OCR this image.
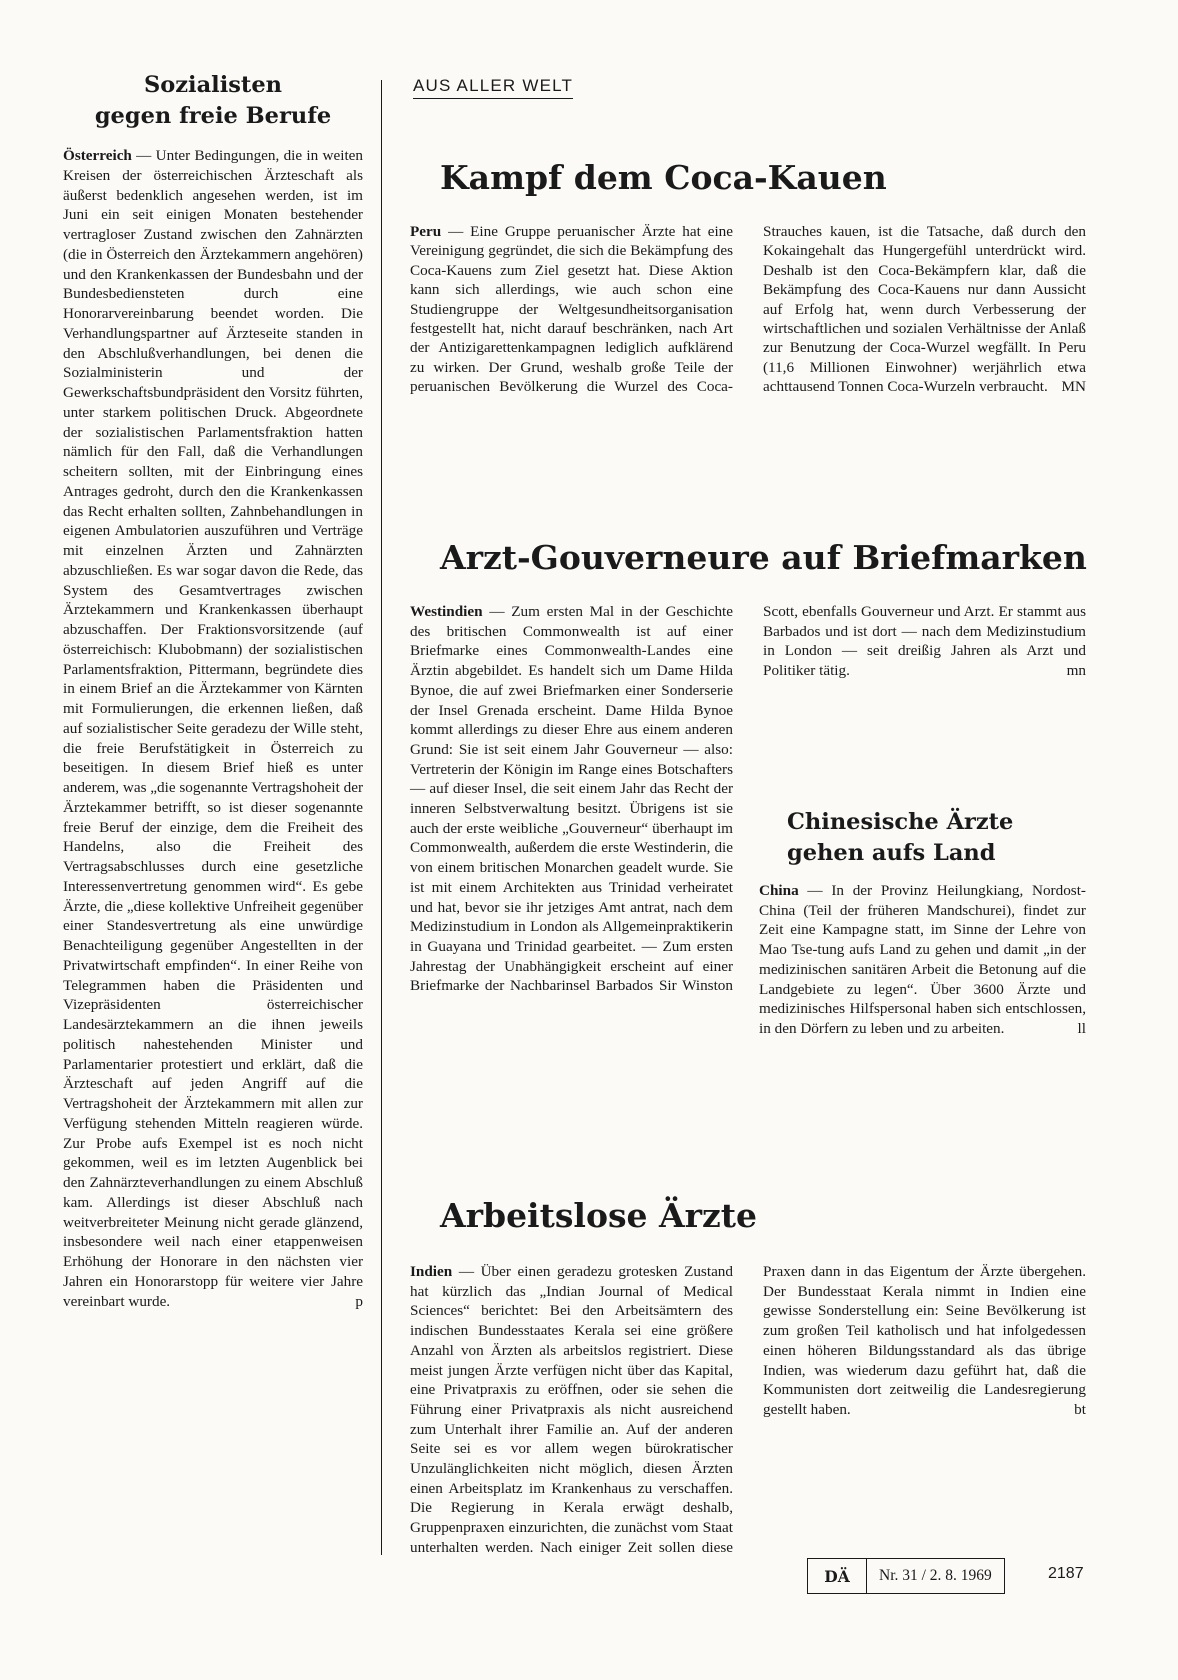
Sozialisten
gegen freie Berufe

Österreich — Unter Bedingungen, die in weiten Kreisen der österreichischen Ärzteschaft als äußerst bedenklich angesehen werden, ist im Juni ein seit einigen Monaten bestehender vertragloser Zustand zwischen den Zahnärzten (die in Österreich den Ärztekammern angehören) und den Krankenkassen der Bundesbahn und der Bundesbediensteten durch eine Honorarvereinbarung beendet worden. Die Verhandlungspartner auf Ärzteseite standen in den Abschlußverhandlungen, bei denen die Sozialministerin und der Gewerkschaftsbundpräsident den Vorsitz führten, unter starkem politischen Druck. Abgeordnete der sozialistischen Parlamentsfraktion hatten nämlich für den Fall, daß die Verhandlungen scheitern sollten, mit der Einbringung eines Antrages gedroht, durch den die Krankenkassen das Recht erhalten sollten, Zahnbehandlungen in eigenen Ambulatorien auszuführen und Verträge mit einzelnen Ärzten und Zahnärzten abzuschließen. Es war sogar davon die Rede, das System des Gesamtvertrages zwischen Ärztekammern und Krankenkassen überhaupt abzuschaffen. Der Fraktionsvorsitzende (auf österreichisch: Klubobmann) der sozialistischen Parlamentsfraktion, Pittermann, begründete dies in einem Brief an die Ärztekammer von Kärnten mit Formulierungen, die erkennen ließen, daß auf sozialistischer Seite geradezu der Wille steht, die freie Berufstätigkeit in Österreich zu beseitigen. In diesem Brief hieß es unter anderem, was „die sogenannte Vertragshoheit der Ärztekammer betrifft, so ist dieser sogenannte freie Beruf der einzige, dem die Freiheit des Handelns, also die Freiheit des Vertragsabschlusses durch eine gesetzliche Interessenvertretung genommen wird“. Es gebe Ärzte, die „diese kollektive Unfreiheit gegenüber einer Standesvertretung als eine unwürdige Benachteiligung gegenüber Angestellten in der Privatwirtschaft empfinden“. In einer Reihe von Telegrammen haben die Präsidenten und Vizepräsidenten österreichischer Landesärztekammern an die ihnen jeweils politisch nahestehenden Minister und Parlamentarier protestiert und erklärt, daß die Ärzteschaft auf jeden Angriff auf die Vertragshoheit der Ärztekammern mit allen zur Verfügung stehenden Mitteln reagieren würde. Zur Probe aufs Exempel ist es noch nicht gekommen, weil es im letzten Augenblick bei den Zahnärzteverhandlungen zu einem Abschluß kam. Allerdings ist dieser Abschluß nach weitverbreiteter Meinung nicht gerade glänzend, insbesondere weil nach einer etappenweisen Erhöhung der Honorare in den nächsten vier Jahren ein Honorarstopp für weitere vier Jahre vereinbart wurde.	p

AUS ALLER WELT
Kampf dem Coca-Kauen

Peru — Eine Gruppe peruanischer Ärzte hat eine Vereinigung gegründet, die sich die Bekämpfung des Coca-Kauens zum Ziel gesetzt hat. Diese Aktion kann sich allerdings, wie auch schon eine Studiengruppe der Weltgesundheitsorganisation festgestellt hat, nicht darauf beschränken, nach Art der Antizigarettenkampagnen lediglich aufklärend zu wirken. Der Grund, weshalb große Teile der peruanischen Bevölkerung die Wurzel des Coca-Strauches kauen, ist die Tatsache, daß durch den Kokaingehalt das Hungergefühl unterdrückt wird. Deshalb ist den Coca-Bekämpfern klar, daß die Bekämpfung des Coca-Kauens nur dann Aussicht auf Erfolg hat, wenn durch Verbesserung der wirtschaftlichen und sozialen Verhältnisse der Anlaß zur Benutzung der Coca-Wurzel wegfällt. In Peru (11,6 Millionen Einwohner) werjährlich etwa achttausend Tonnen Coca-Wurzeln verbraucht. MN

Arzt-Gouverneure auf Briefmarken

Westindien — Zum ersten Mal in der Geschichte des britischen Commonwealth ist auf einer Briefmarke eines Commonwealth-Landes eine Ärztin abgebildet. Es handelt sich um Dame Hilda Bynoe, die auf zwei Briefmarken einer Sonderserie der Insel Grenada erscheint. Dame Hilda Bynoe kommt allerdings zu dieser Ehre aus einem anderen Grund: Sie ist seit einem Jahr Gouverneur — also: Vertreterin der Königin im Range eines Botschafters — auf dieser Insel, die seit einem Jahr das Recht der inneren Selbstverwaltung besitzt. Übrigens ist sie auch der erste weibliche „Gouverneur“ überhaupt im Commonwealth, außerdem die erste Westinderin, die von einem britischen Monarchen geadelt wurde. Sie ist mit einem Architekten aus Trinidad verheiratet und hat, bevor sie ihr jetziges Amt antrat, nach dem Medizinstudium in London als Allgemeinpraktikerin in Guayana und Trinidad gearbeitet. — Zum ersten Jahrestag der Unabhängigkeit erscheint auf einer Briefmarke der Nachbarinsel Barbados Sir Winston Scott, ebenfalls Gouverneur und Arzt. Er stammt aus Barbados und ist dort — nach dem Medizinstudium in London — seit dreißig Jahren als Arzt und Politiker tätig.	mn

Chinesische Ärzte
gehen aufs Land

China — In der Provinz Heilungkiang, Nordost-China (Teil der früheren Mandschurei), findet zur Zeit eine Kampagne statt, im Sinne der Lehre von Mao Tse-tung aufs Land zu gehen und damit „in der medizinischen sanitären Arbeit die Betonung auf die Landgebiete zu legen“. Über 3600 Ärzte und medizinisches Hilfspersonal haben sich entschlossen, in den Dörfern zu leben und zu arbeiten.	ll

Arbeitslose Ärzte

Indien — Über einen geradezu grotesken Zustand hat kürzlich das „Indian Journal of Medical Sciences“ berichtet: Bei den Arbeitsämtern des indischen Bundesstaates Kerala sei eine größere Anzahl von Ärzten als arbeitslos registriert. Diese meist jungen Ärzte verfügen nicht über das Kapital, eine Privatpraxis zu eröffnen, oder sie sehen die Führung einer Privatpraxis als nicht ausreichend zum Unterhalt ihrer Familie an. Auf der anderen Seite sei es vor allem wegen bürokratischer Unzulänglichkeiten nicht möglich, diesen Ärzten einen Arbeitsplatz im Krankenhaus zu verschaffen. Die Regierung in Kerala erwägt deshalb, Gruppenpraxen einzurichten, die zunächst vom Staat unterhalten werden. Nach einiger Zeit sollen diese Praxen dann in das Eigentum der Ärzte übergehen. Der Bundesstaat Kerala nimmt in Indien eine gewisse Sonderstellung ein: Seine Bevölkerung ist zum großen Teil katholisch und hat infolgedessen einen höheren Bildungsstandard als das übrige Indien, was wiederum dazu geführt hat, daß die Kommunisten dort zeitweilig die Landesregierung gestellt haben.	bt

DÄ	Nr. 31 / 2. 8. 1969	2187
